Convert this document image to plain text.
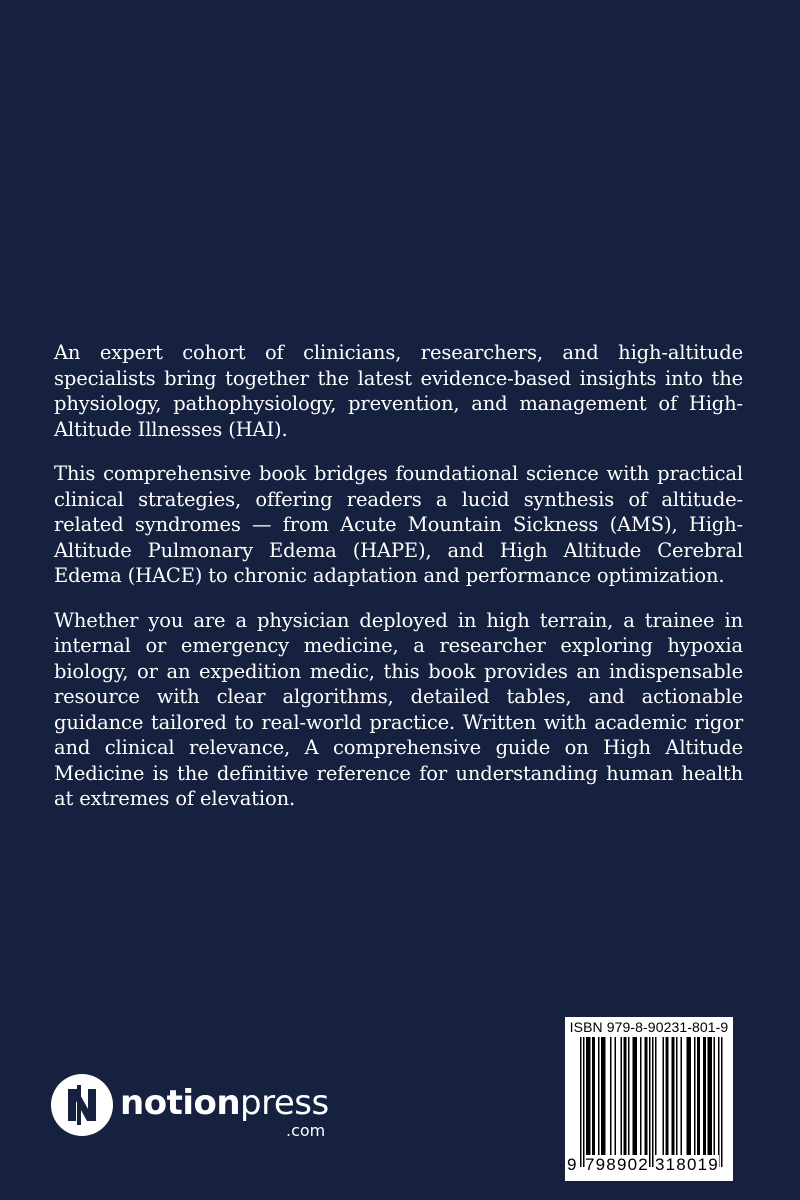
An expert cohort of clinicians, researchers, and high-altitude specialists bring together the latest evidence-based insights into the physiology, pathophysiology, prevention, and management of High-Altitude Illnesses (HAI).

This comprehensive book bridges foundational science with practical clinical strategies, offering readers a lucid synthesis of altitude-related syndromes — from Acute Mountain Sickness (AMS), High-Altitude Pulmonary Edema (HAPE), and High Altitude Cerebral Edema (HACE) to chronic adaptation and performance optimization.

Whether you are a physician deployed in high terrain, a trainee in internal or emergency medicine, a researcher exploring hypoxia biology, or an expedition medic, this book provides an indispensable resource with clear algorithms, detailed tables, and actionable guidance tailored to real-world practice. Written with academic rigor and clinical relevance, A comprehensive guide on High Altitude Medicine is the definitive reference for understanding human health at extremes of elevation.

ISBN 979-8-90231-801-9
9 798902 318019
notionpress
.com
